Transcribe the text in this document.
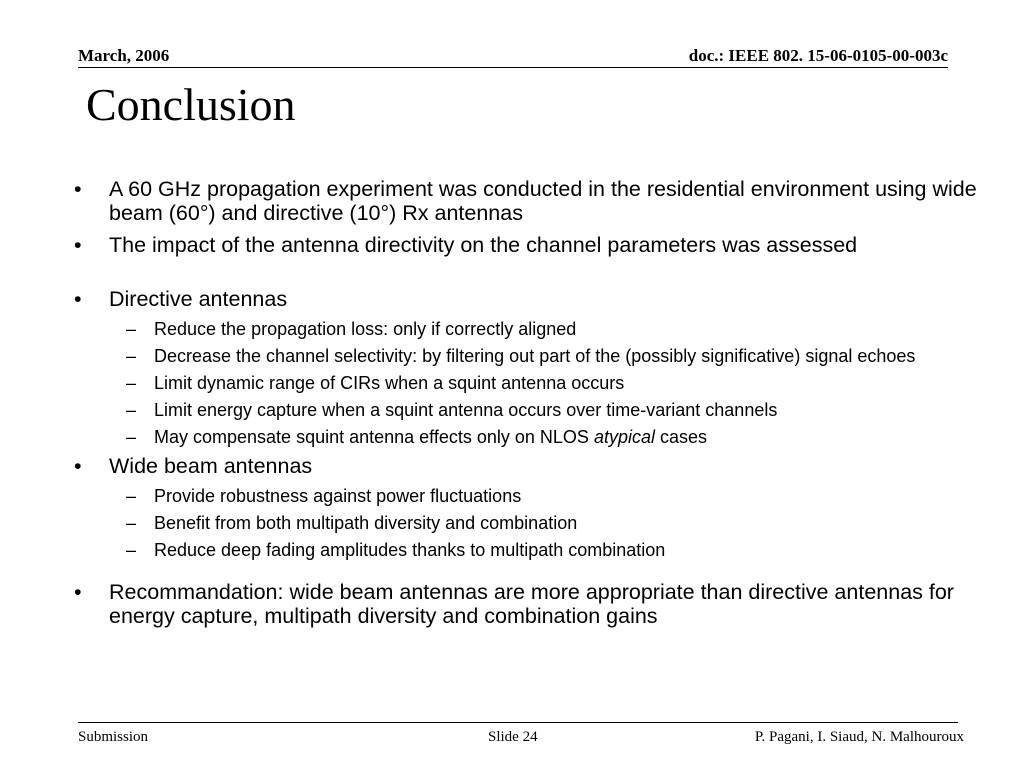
March, 2006	doc.: IEEE 802. 15-06-0105-00-003c
Conclusion
• A 60 GHz propagation experiment was conducted in the residential environment using wide beam (60°) and directive (10°) Rx antennas
• The impact of the antenna directivity on the channel parameters was assessed
• Directive antennas
– Reduce the propagation loss: only if correctly aligned
– Decrease the channel selectivity: by filtering out part of the (possibly significative) signal echoes
– Limit dynamic range of CIRs when a squint antenna occurs
– Limit energy capture when a squint antenna occurs over time-variant channels
– May compensate squint antenna effects only on NLOS atypical cases
• Wide beam antennas
– Provide robustness against power fluctuations
– Benefit from both multipath diversity and combination
– Reduce deep fading amplitudes thanks to multipath combination
• Recommandation: wide beam antennas are more appropriate than directive antennas for energy capture, multipath diversity and combination gains
Submission	Slide 24	P. Pagani, I. Siaud, N. Malhouroux
